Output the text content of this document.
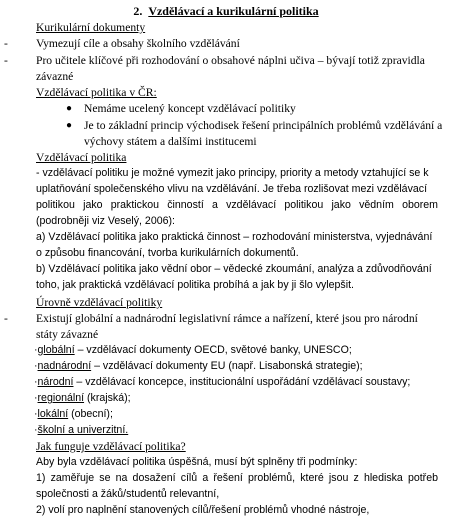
2. Vzdělávací a kurikulární politika
Kurikulární dokumenty
- Vymezují cíle a obsahy školního vzdělávání
- Pro učitele klíčové při rozhodování o obsahové náplni učiva – bývají totiž zpravidla
závazné
Vzdělávací politika v ČR:
● Nemáme ucelený koncept vzdělávací politiky
● Je to základní princip východisek řešení principálních problémů vzdělávání a
výchovy státem a dalšími institucemi
Vzdělávací politika
- vzdělávací politiku je možné vymezit jako principy, priority a metody vztahující se k
uplatňování společenského vlivu na vzdělávání. Je třeba rozlišovat mezi vzdělávací
politikou jako praktickou činností a vzdělávací politikou jako vědním oborem
(podrobněji viz Veselý, 2006):
a) Vzdělávací politika jako praktická činnost – rozhodování ministerstva, vyjednávání
o způsobu financování, tvorba kurikulárních dokumentů.
b) Vzdělávací politika jako vědní obor – vědecké zkoumání, analýza a zdůvodňování
toho, jak praktická vzdělávací politika probíhá a jak by ji šlo vylepšit.
Úrovně vzdělávací politiky
- Existují globální a nadnárodní legislativní rámce a nařízení, které jsou pro národní
státy závazné
·globální – vzdělávací dokumenty OECD, světové banky, UNESCO;
·nadnárodní – vzdělávací dokumenty EU (např. Lisabonská strategie);
·národní – vzdělávací koncepce, institucionální uspořádání vzdělávací soustavy;
·regionální (krajská);
·lokální (obecní);
·školní a univerzitní.
Jak funguje vzdělávací politika?
Aby byla vzdělávací politika úspěšná, musí být splněny tři podmínky:
1) zaměřuje se na dosažení cílů a řešení problémů, které jsou z hlediska potřeb
společnosti a žáků/studentů relevantní,
2) volí pro naplnění stanovených cílů/řešení problémů vhodné nástroje,
